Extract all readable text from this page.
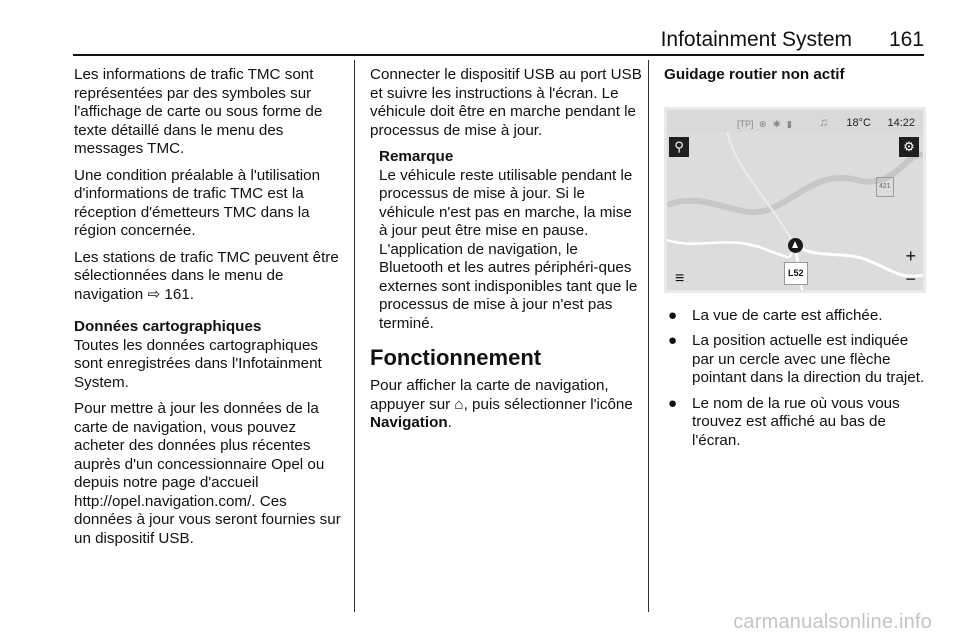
Infotainment System 161

Les informations de trafic TMC sont représentées par des symboles sur l'affichage de carte ou sous forme de texte détaillé dans le menu des messages TMC.

Une condition préalable à l'utilisation d'informations de trafic TMC est la réception d'émetteurs TMC dans la région concernée.

Les stations de trafic TMC peuvent être sélectionnées dans le menu de navigation ⇨ 161.

Données cartographiques

Toutes les données cartographiques sont enregistrées dans l'Infotainment System.

Pour mettre à jour les données de la carte de navigation, vous pouvez acheter des données plus récentes auprès d'un concessionnaire Opel ou depuis notre page d'accueil http://opel.navigation.com/. Ces données à jour vous seront fournies sur un dispositif USB.

Connecter le dispositif USB au port USB et suivre les instructions à l'écran. Le véhicule doit être en marche pendant le processus de mise à jour.

Remarque
Le véhicule reste utilisable pendant le processus de mise à jour. Si le véhicule n'est pas en marche, la mise à jour peut être mise en pause. L'application de navigation, le Bluetooth et les autres périphéri-ques externes sont indisponibles tant que le processus de mise à jour n'est pas terminé.
Fonctionnement

Pour afficher la carte de navigation, appuyer sur ⌂, puis sélectionner l'icône Navigation.

Guidage routier non actif
[TP] ⊕ ✱ ▮ ♫ 18°C 14:22
⚲	⚙
421
+
−
≡	L52
● La vue de carte est affichée.
● La position actuelle est indiquée par un cercle avec une flèche pointant dans la direction du trajet.
● Le nom de la rue où vous vous trouvez est affiché au bas de l'écran.
carmanualsonline.info
